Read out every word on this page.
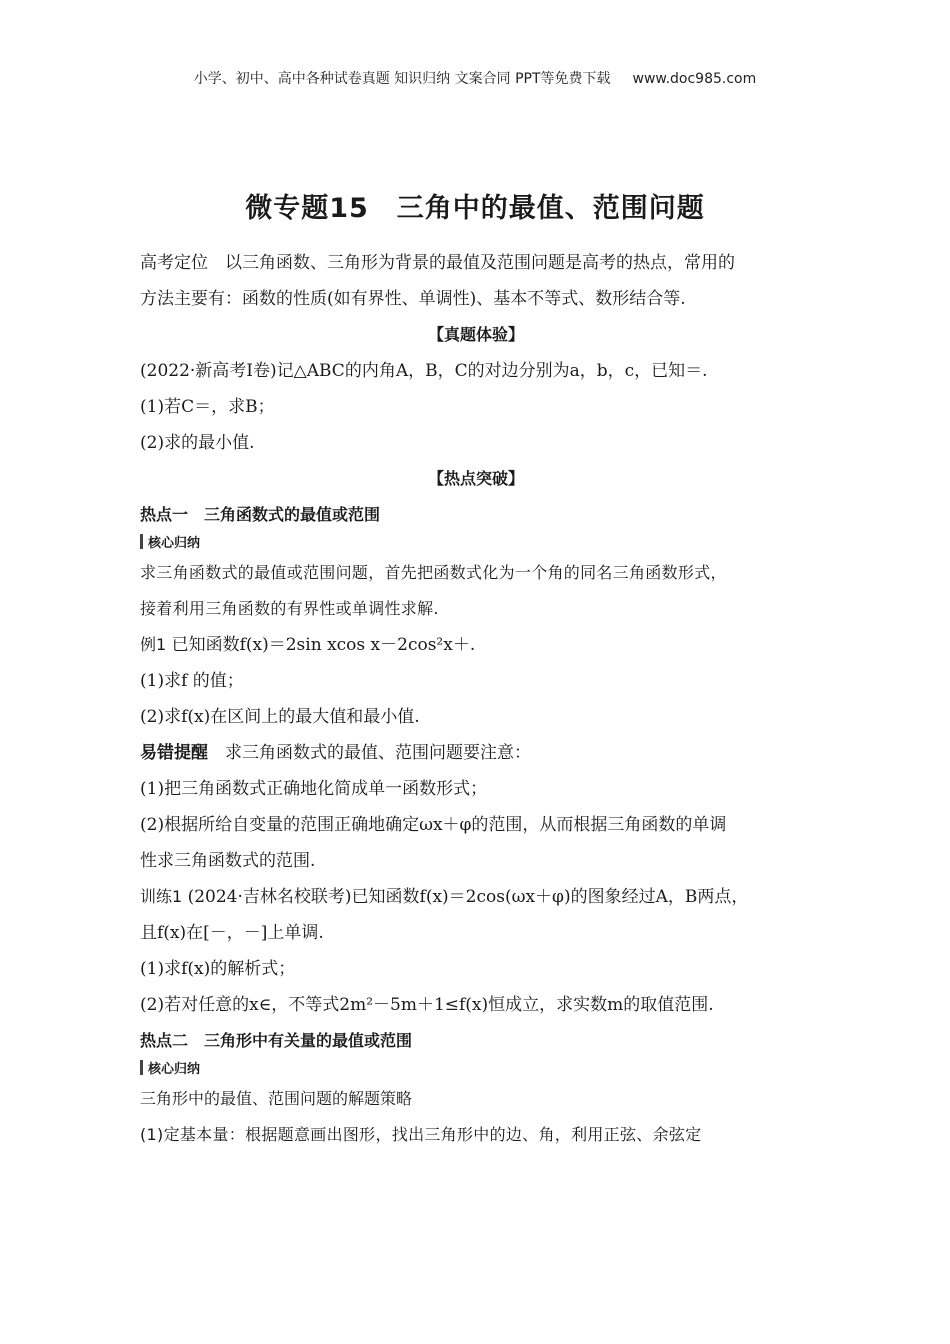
小学、初中、高中各种试卷真题 知识归纳 文案合同 PPT等免费下载 www.doc985.com
微专题15　三角中的最值、范围问题

高考定位　以三角函数、三角形为背景的最值及范围问题是高考的热点，常用的

方法主要有：函数的性质(如有界性、单调性)、基本不等式、数形结合等.

【真题体验】

(2022·新高考Ⅰ卷)记△ABC的内角A，B，C的对边分别为a，b，c，已知＝.

(1)若C＝，求B；

(2)求的最小值.

【热点突破】

热点一　三角函数式的最值或范围

核心归纳

求三角函数式的最值或范围问题，首先把函数式化为一个角的同名三角函数形式，

接着利用三角函数的有界性或单调性求解.

例1 已知函数f(x)＝2sin xcos x－2cos²x＋.

(1)求f 的值；

(2)求f(x)在区间上的最大值和最小值.

易错提醒　求三角函数式的最值、范围问题要注意：

(1)把三角函数式正确地化简成单一函数形式；

(2)根据所给自变量的范围正确地确定ωx＋φ的范围，从而根据三角函数的单调

性求三角函数式的范围.

训练1 (2024·吉林名校联考)已知函数f(x)＝2cos(ωx＋φ)的图象经过A，B两点，

且f(x)在[－，－]上单调.

(1)求f(x)的解析式；

(2)若对任意的x∈，不等式2m²－5m＋1≤f(x)恒成立，求实数m的取值范围.

热点二　三角形中有关量的最值或范围

核心归纳

三角形中的最值、范围问题的解题策略

(1)定基本量：根据题意画出图形，找出三角形中的边、角，利用正弦、余弦定
